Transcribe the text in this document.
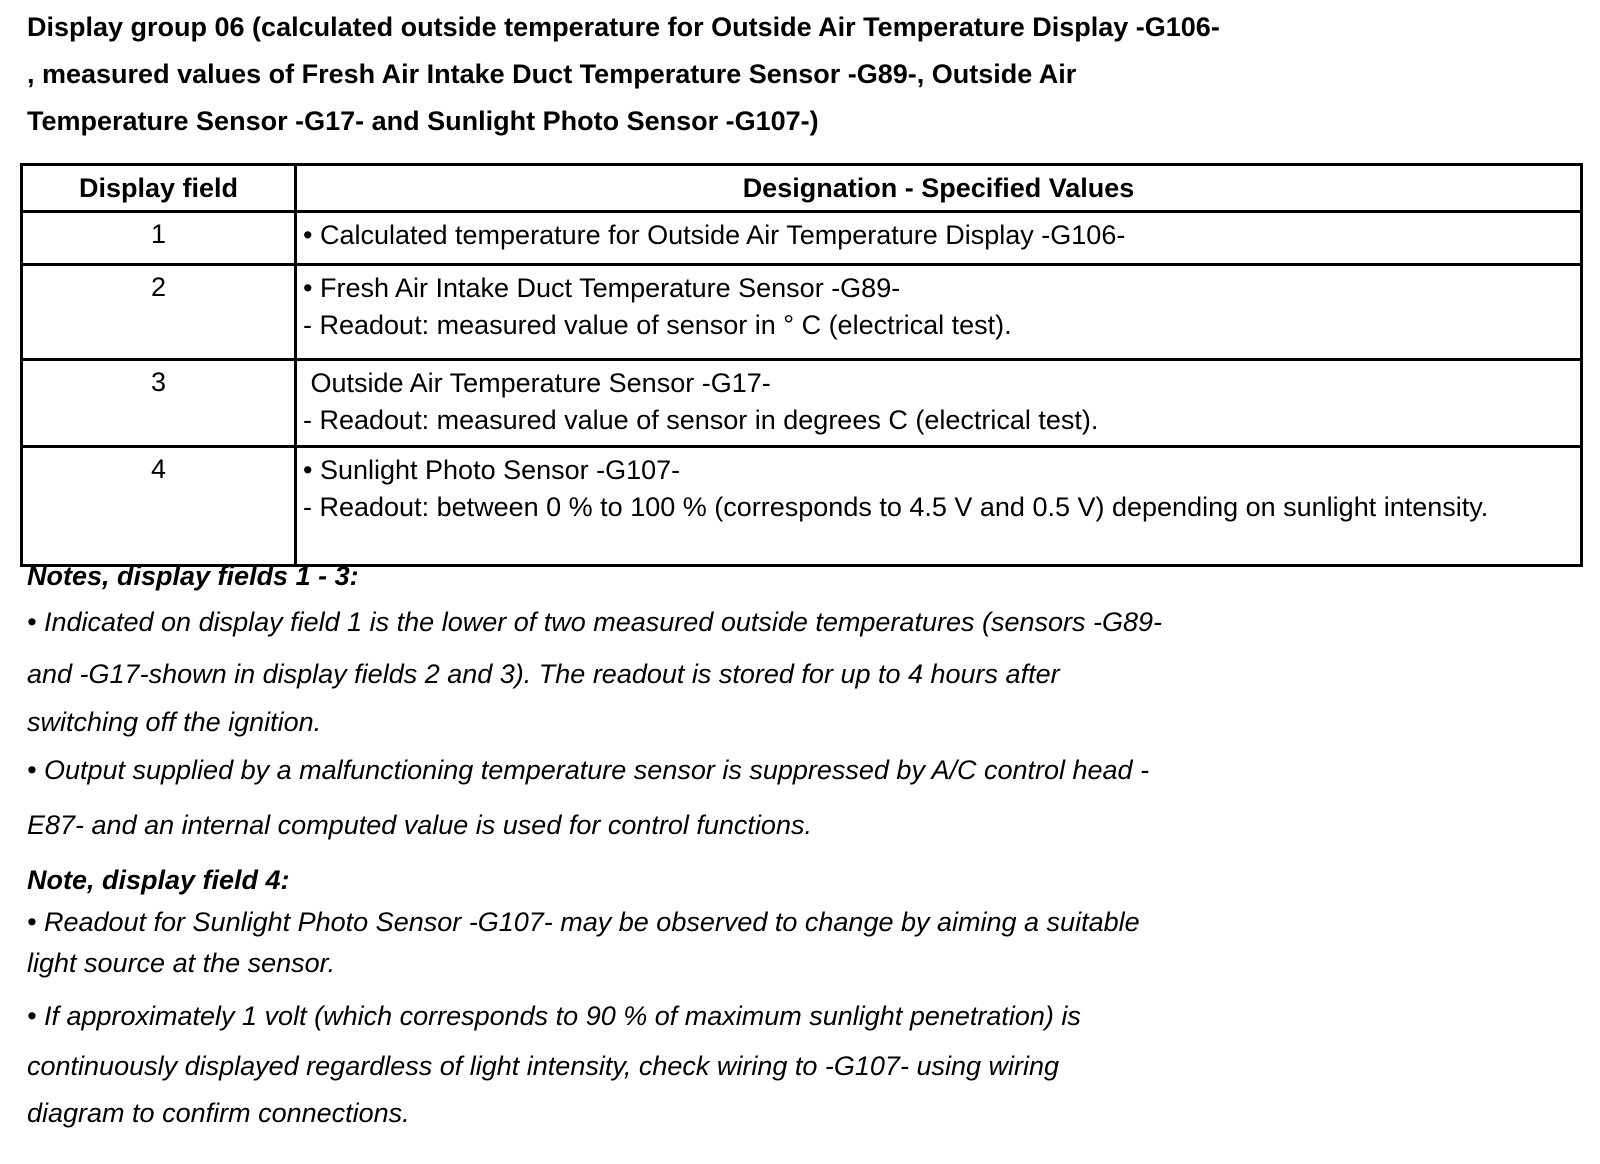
Display group 06 (calculated outside temperature for Outside Air Temperature Display -G106-
, measured values of Fresh Air Intake Duct Temperature Sensor -G89-, Outside Air
Temperature Sensor -G17- and Sunlight Photo Sensor -G107-)
Display field	Designation - Specified Values
1	• Calculated temperature for Outside Air Temperature Display -G106-

2	• Fresh Air Intake Duct Temperature Sensor -G89-
- Readout: measured value of sensor in ° C (electrical test).

3	Outside Air Temperature Sensor -G17-
- Readout: measured value of sensor in degrees C (electrical test).

4	• Sunlight Photo Sensor -G107-
- Readout: between 0 % to 100 % (corresponds to 4.5 V and 0.5 V) depending on sunlight intensity.
Notes, display fields 1 - 3:
• Indicated on display field 1 is the lower of two measured outside temperatures (sensors -G89-
and -G17-shown in display fields 2 and 3). The readout is stored for up to 4 hours after
switching off the ignition.
• Output supplied by a malfunctioning temperature sensor is suppressed by A/C control head -
E87- and an internal computed value is used for control functions.
Note, display field 4:
• Readout for Sunlight Photo Sensor -G107- may be observed to change by aiming a suitable
light source at the sensor.
• If approximately 1 volt (which corresponds to 90 % of maximum sunlight penetration) is
continuously displayed regardless of light intensity, check wiring to -G107- using wiring
diagram to confirm connections.
